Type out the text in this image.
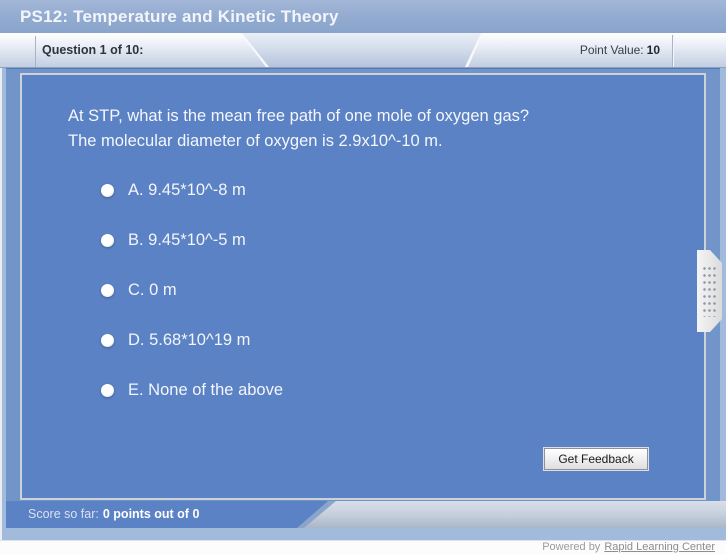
PS12: Temperature and Kinetic Theory
Question 1 of 10:	Point Value: 10
At STP, what is the mean free path of one mole of oxygen gas?
The molecular diameter of oxygen is 2.9x10^-10 m.
A. 9.45*10^-8 m
B. 9.45*10^-5 m
C. 0 m
D. 5.68*10^19 m
E. None of the above
Get Feedback
Score so far: 0 points out of 0
Powered by Rapid Learning Center
